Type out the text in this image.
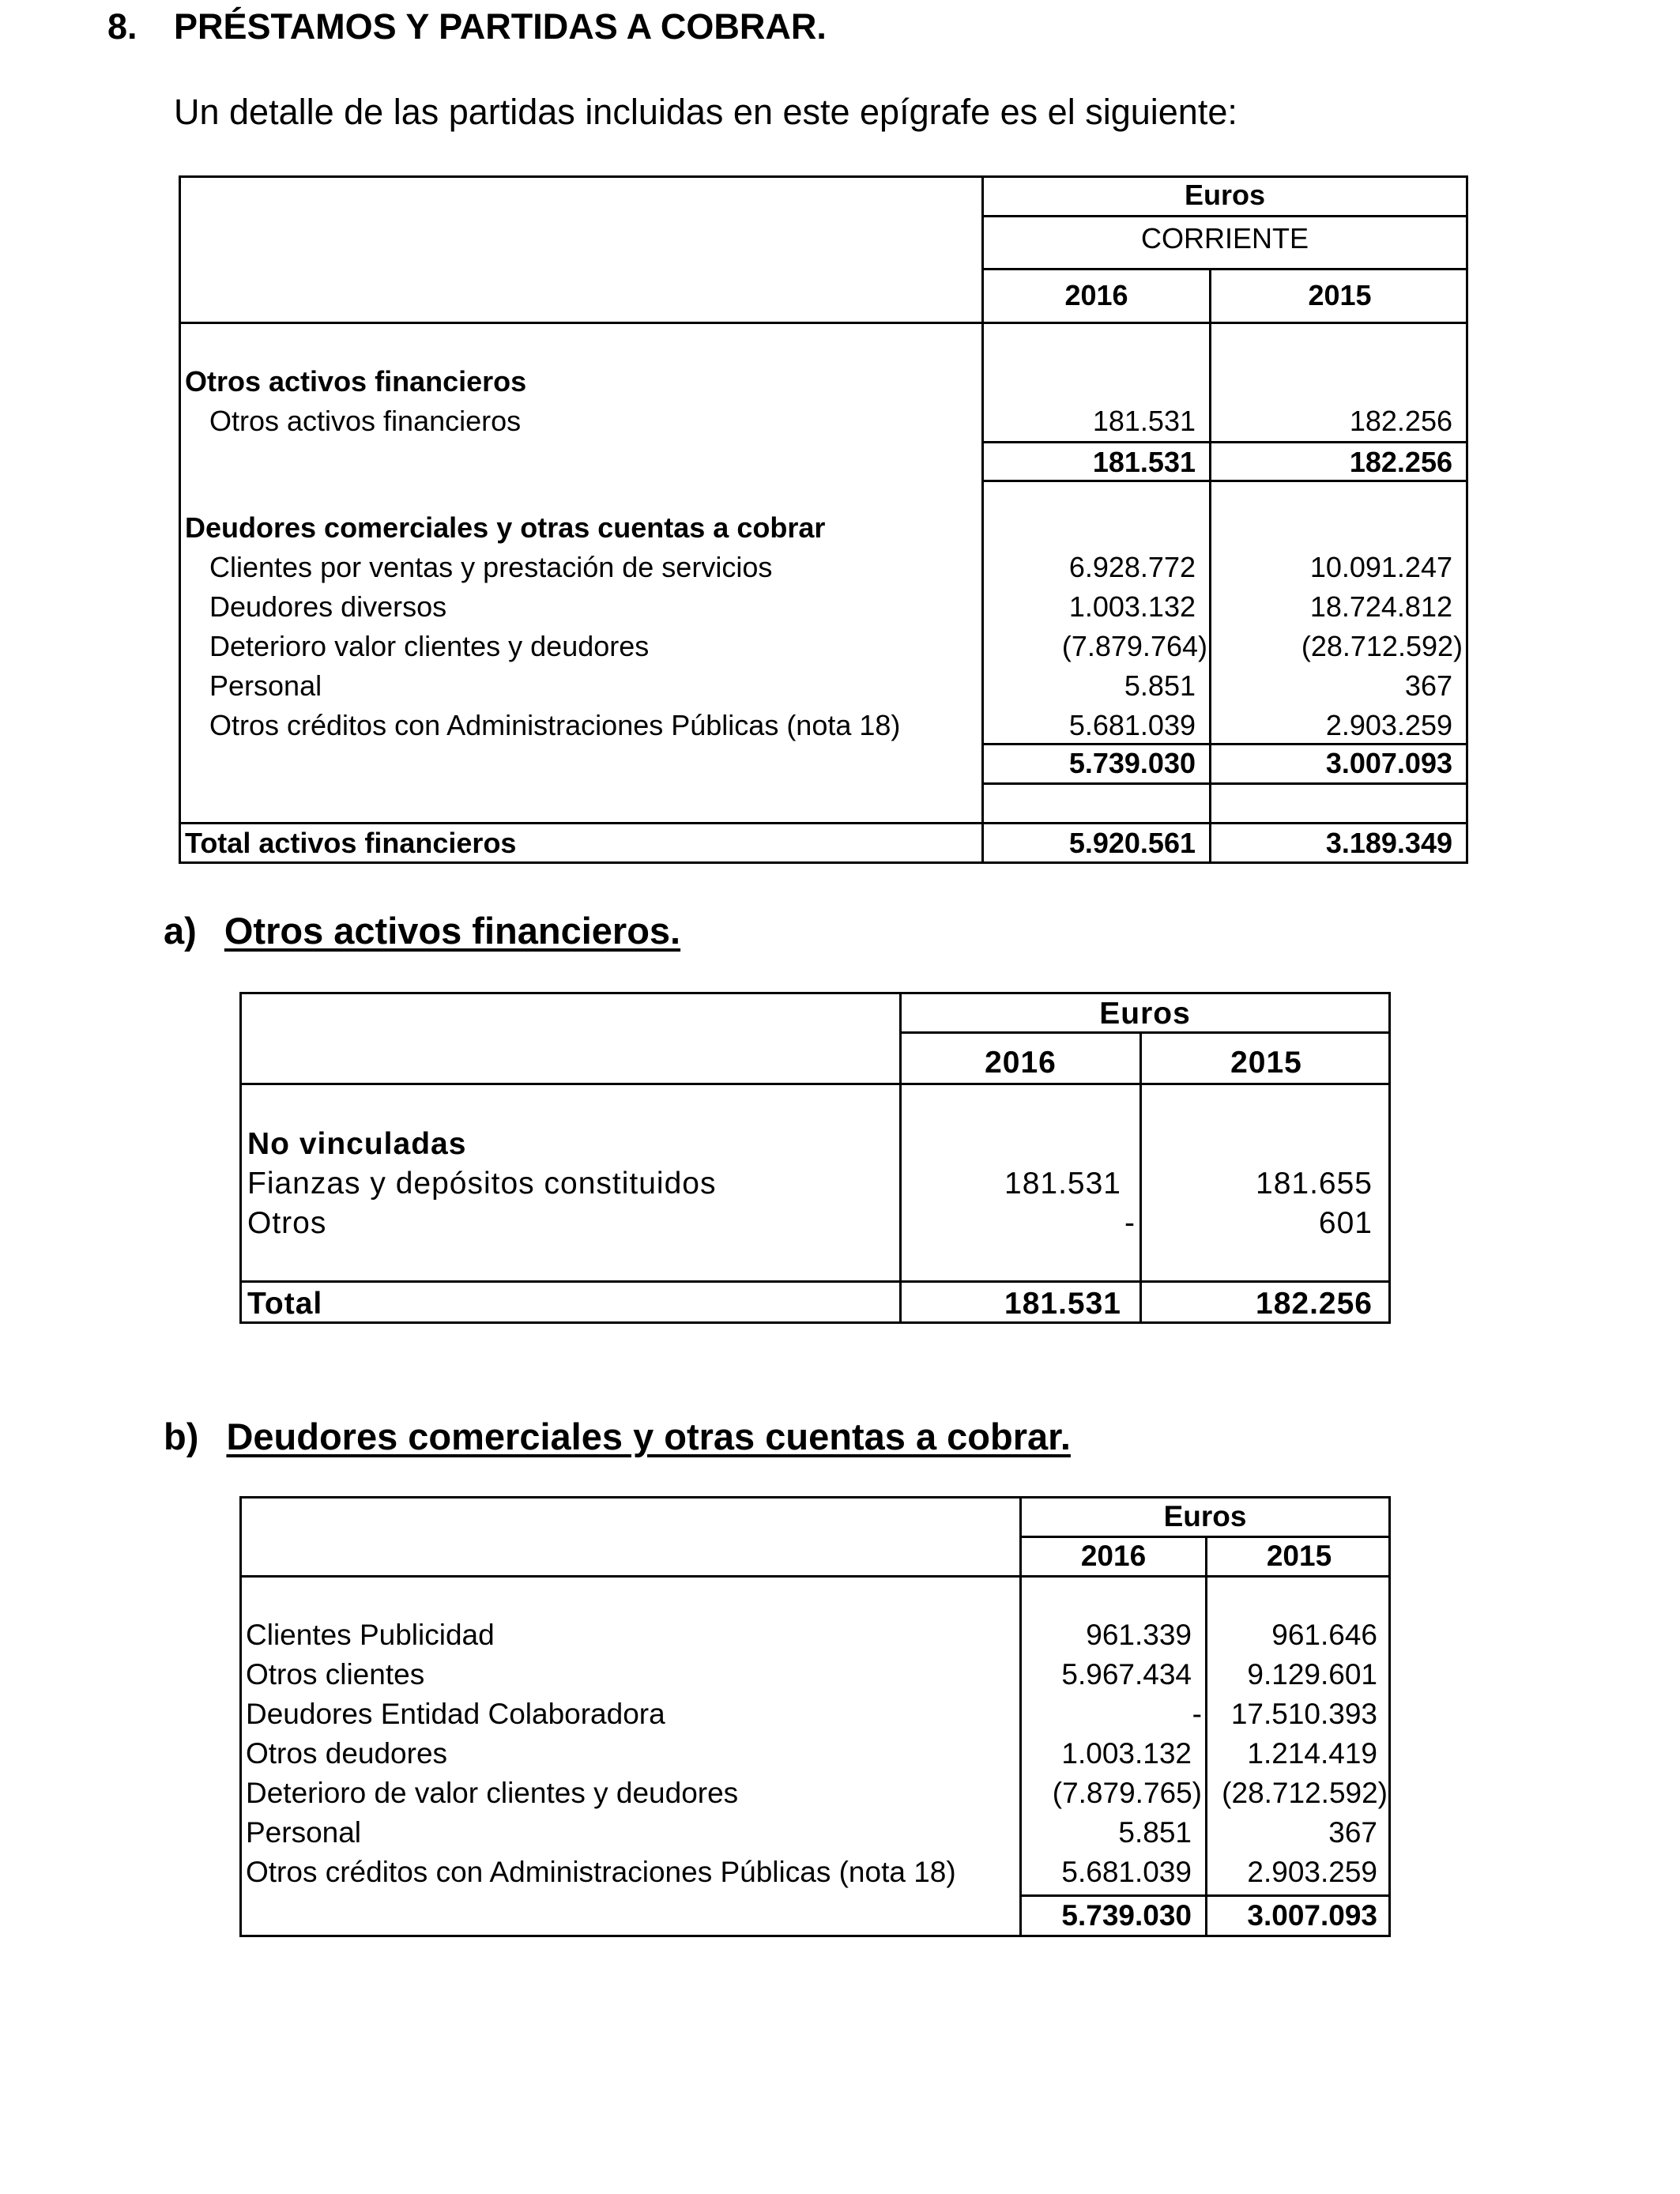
8. PRÉSTAMOS Y PARTIDAS A COBRAR.
Un detalle de las partidas incluidas en este epígrafe es el siguiente:
Euros
CORRIENTE
2016	2015
Otros activos financieros
Otros activos financieros	181.531	182.256
181.531	182.256
Deudores comerciales y otras cuentas a cobrar
Clientes por ventas y prestación de servicios	6.928.772	10.091.247
Deudores diversos	1.003.132	18.724.812
Deterioro valor clientes y deudores	(7.879.764)	(28.712.592)
Personal	5.851	367
Otros créditos con Administraciones Públicas (nota 18)	5.681.039	2.903.259
5.739.030	3.007.093
Total activos financieros	5.920.561	3.189.349
a) Otros activos financieros.
Euros
2016	2015
No vinculadas
Fianzas y depósitos constituidos	181.531	181.655
Otros	-	601
Total	181.531	182.256
b) Deudores comerciales y otras cuentas a cobrar.
Euros
2016	2015
Clientes Publicidad	961.339	961.646
Otros clientes	5.967.434	9.129.601
Deudores Entidad Colaboradora	- 17.510.393
Otros deudores	1.003.132	1.214.419
Deterioro de valor clientes y deudores	(7.879.765) (28.712.592)
Personal	5.851	367
Otros créditos con Administraciones Públicas (nota 18)	5.681.039	2.903.259
5.739.030	3.007.093
